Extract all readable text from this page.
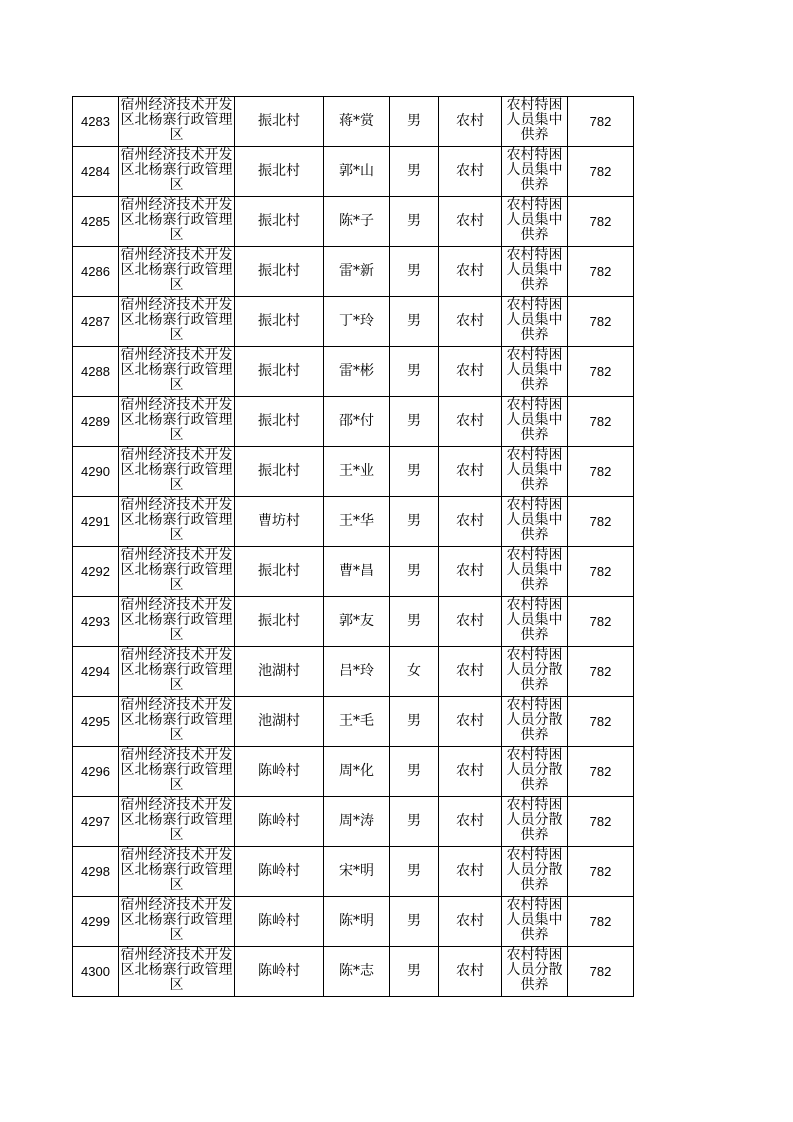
4283	宿州经济技术开发区北杨寨行政管理区	振北村	蒋*赏	男	农村	农村特困人员集中供养	782
4284	宿州经济技术开发区北杨寨行政管理区	振北村	郭*山	男	农村	农村特困人员集中供养	782
4285	宿州经济技术开发区北杨寨行政管理区	振北村	陈*子	男	农村	农村特困人员集中供养	782
4286	宿州经济技术开发区北杨寨行政管理区	振北村	雷*新	男	农村	农村特困人员集中供养	782
4287	宿州经济技术开发区北杨寨行政管理区	振北村	丁*玲	男	农村	农村特困人员集中供养	782
4288	宿州经济技术开发区北杨寨行政管理区	振北村	雷*彬	男	农村	农村特困人员集中供养	782
4289	宿州经济技术开发区北杨寨行政管理区	振北村	邵*付	男	农村	农村特困人员集中供养	782
4290	宿州经济技术开发区北杨寨行政管理区	振北村	王*业	男	农村	农村特困人员集中供养	782
4291	宿州经济技术开发区北杨寨行政管理区	曹坊村	王*华	男	农村	农村特困人员集中供养	782
4292	宿州经济技术开发区北杨寨行政管理区	振北村	曹*昌	男	农村	农村特困人员集中供养	782
4293	宿州经济技术开发区北杨寨行政管理区	振北村	郭*友	男	农村	农村特困人员集中供养	782
4294	宿州经济技术开发区北杨寨行政管理区	池湖村	吕*玲	女	农村	农村特困人员分散供养	782
4295	宿州经济技术开发区北杨寨行政管理区	池湖村	王*毛	男	农村	农村特困人员分散供养	782
4296	宿州经济技术开发区北杨寨行政管理区	陈岭村	周*化	男	农村	农村特困人员分散供养	782
4297	宿州经济技术开发区北杨寨行政管理区	陈岭村	周*涛	男	农村	农村特困人员分散供养	782
4298	宿州经济技术开发区北杨寨行政管理区	陈岭村	宋*明	男	农村	农村特困人员分散供养	782
4299	宿州经济技术开发区北杨寨行政管理区	陈岭村	陈*明	男	农村	农村特困人员集中供养	782
4300	宿州经济技术开发区北杨寨行政管理区	陈岭村	陈*志	男	农村	农村特困人员分散供养	782
